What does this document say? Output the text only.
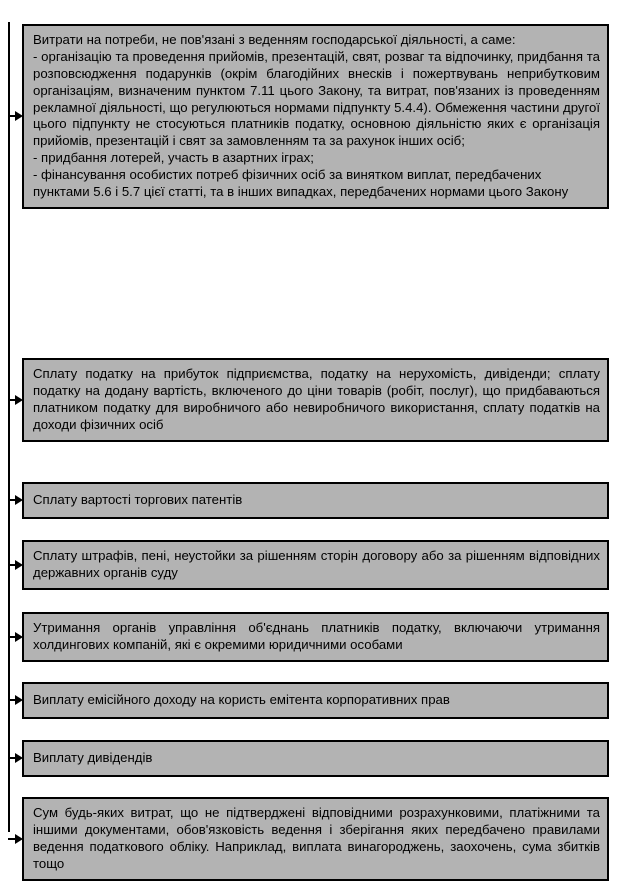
Витрати на потреби, не пов'язані з веденням господарської діяльності, а саме:

- організацію та проведення прийомів, презентацій, свят, розваг та відпочинку, придбання та розповсюдження подарунків (окрім благодійних внесків і пожертвувань неприбутковим організаціям, визначеним пунктом 7.11 цього Закону, та витрат, пов'язаних із проведенням рекламної діяльності, що регулюються нормами підпункту 5.4.4). Обмеження частини другої цього підпункту не стосуються платників податку, основною діяльністю яких є організація прийомів, презентацій і свят за замовленням та за рахунок інших осіб;

- придбання лотерей, участь в азартних іграх;

- фінансування особистих потреб фізичних осіб за винятком виплат, передбачених пунктами 5.6 і 5.7 цієї статті, та в інших випадках, передбачених нормами цього Закону

Сплату податку на прибуток підприємства, податку на нерухомість, дивіденди; сплату податку на додану вартість, включеного до ціни товарів (робіт, послуг), що придбаваються платником податку для виробничого або невиробничого використання, сплату податків на доходи фізичних осіб

Сплату вартості торгових патентів

Сплату штрафів, пені, неустойки за рішенням сторін договору або за рішенням відповідних державних органів суду

Утримання органів управління об'єднань платників податку, включаючи утримання холдингових компаній, які є окремими юридичними особами

Виплату емісійного доходу на користь емітента корпоративних прав

Виплату дивідендів

Сум будь-яких витрат, що не підтверджені відповідними розрахунковими, платіжними та іншими документами, обов'язковість ведення і зберігання яких передбачено правилами ведення податкового обліку. Наприклад, виплата винагороджень, заохочень, сума збитків тощо
